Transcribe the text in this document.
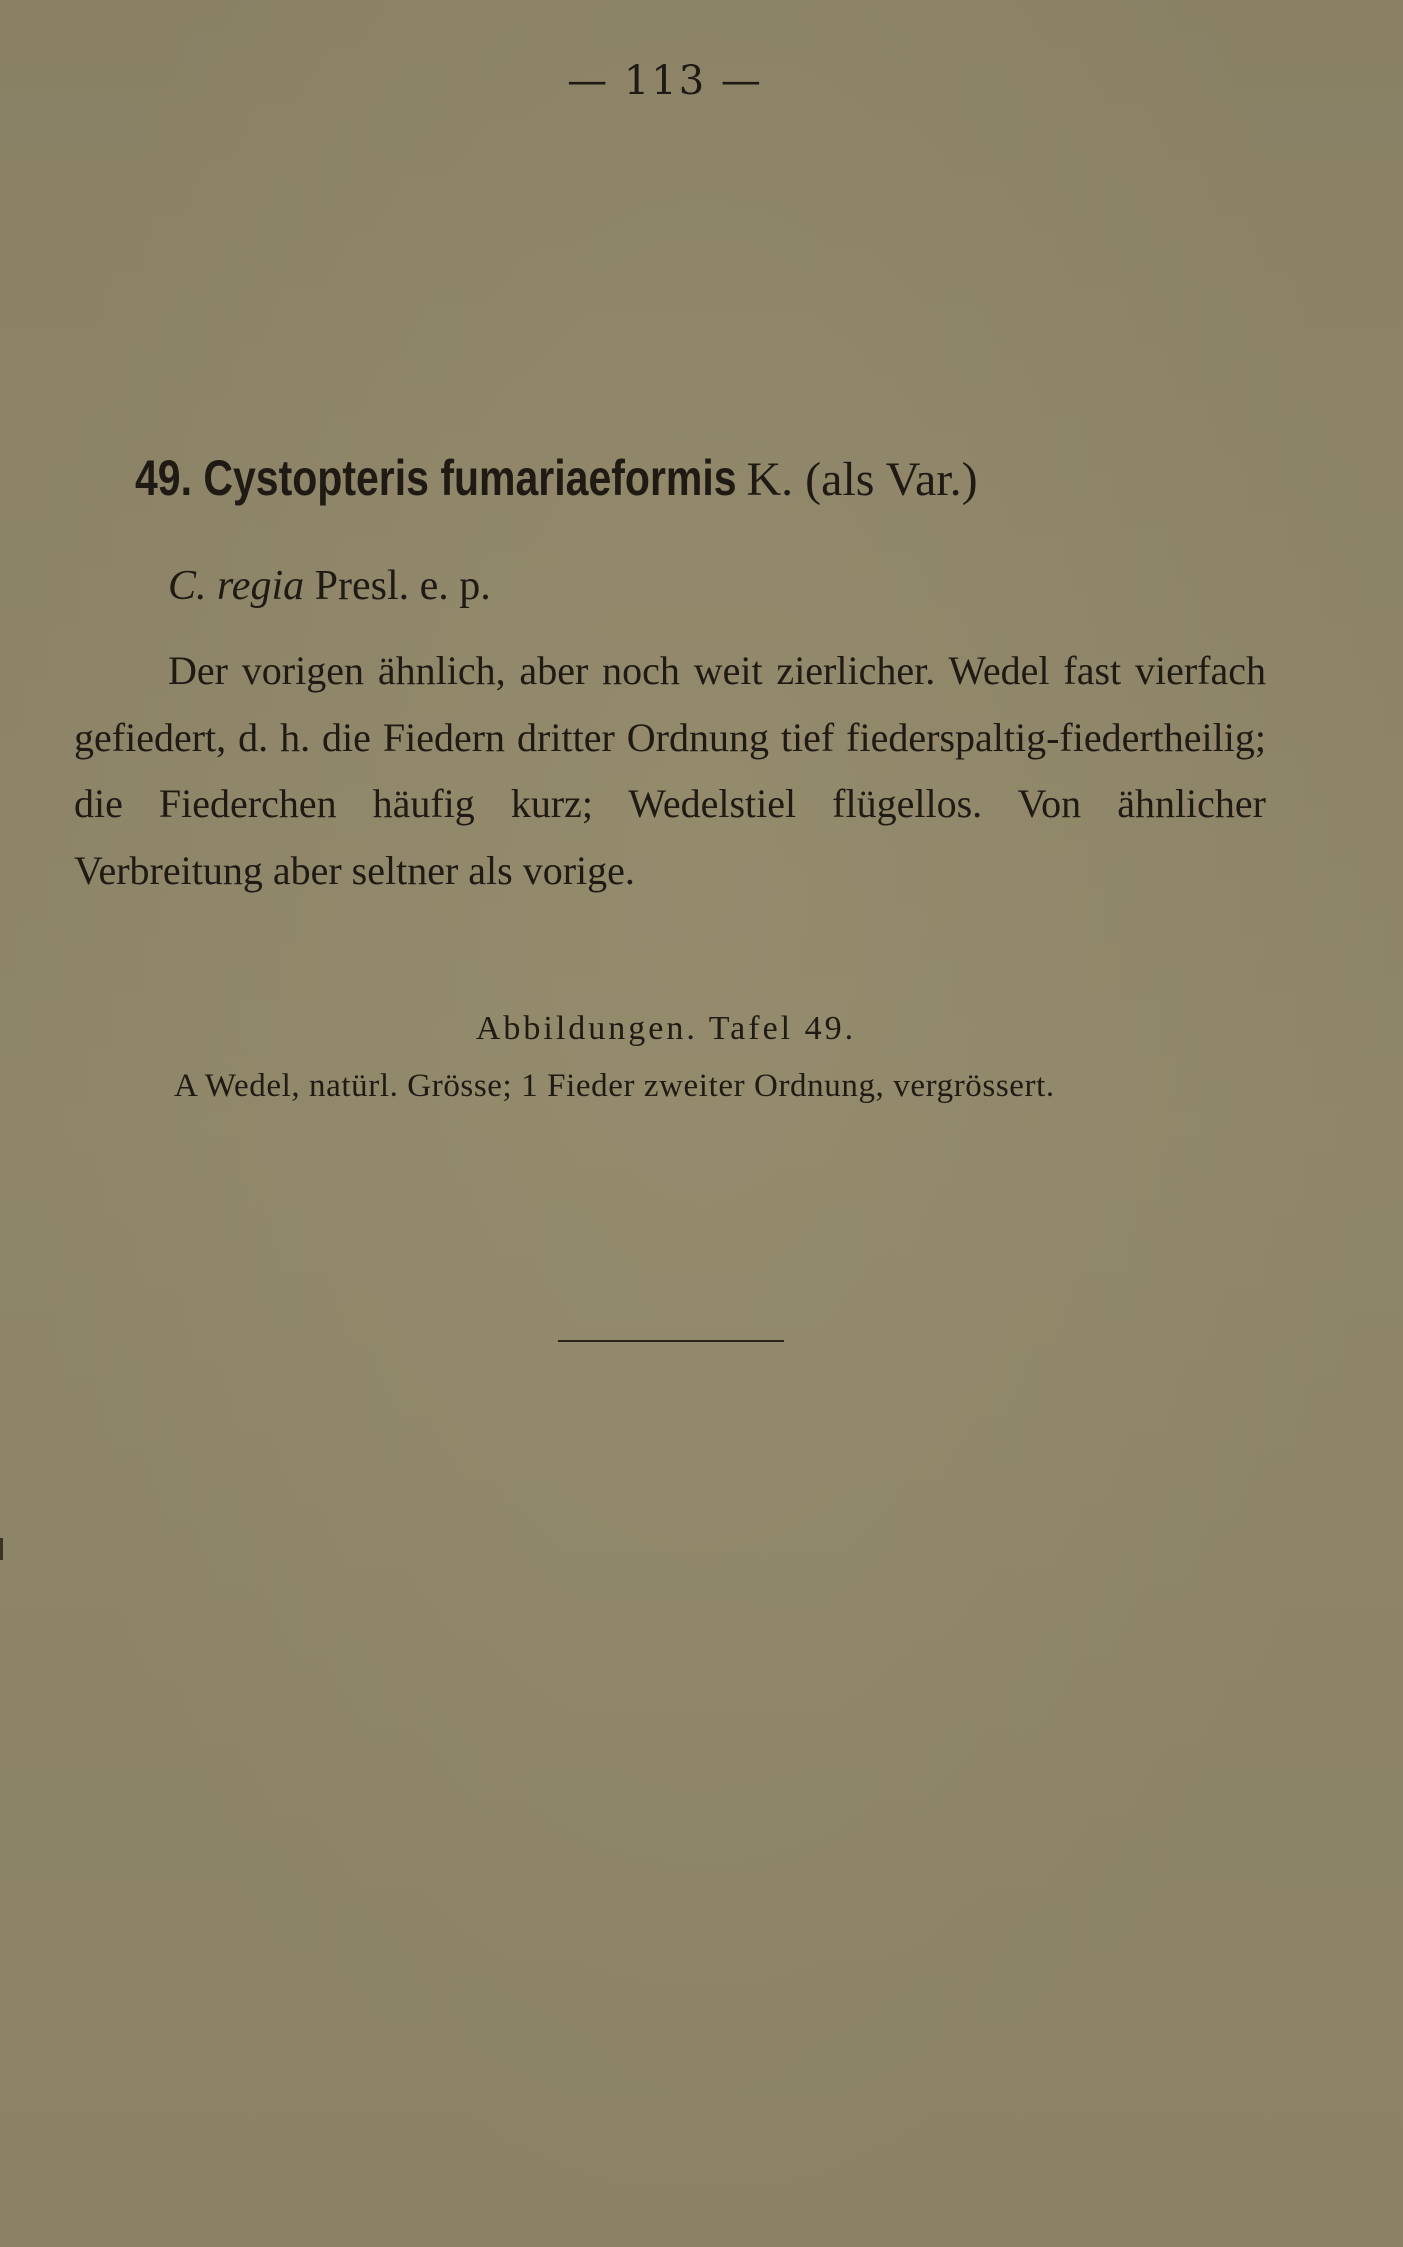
— 113 —
49. Cystopteris fumariaeformis K. (als Var.)
C. regia Presl. e. p.

Der vorigen ähnlich, aber noch weit zierlicher. Wedel fast vierfach gefiedert, d. h. die Fiedern dritter Ordnung tief fiederspaltig-fiedertheilig; die Fiederchen häufig kurz; Wedelstiel flügellos. Von ähnlicher Verbreitung aber seltner als vorige.

Abbildungen. Tafel 49.
A Wedel, natürl. Grösse; 1 Fieder zweiter Ordnung, vergrössert.
